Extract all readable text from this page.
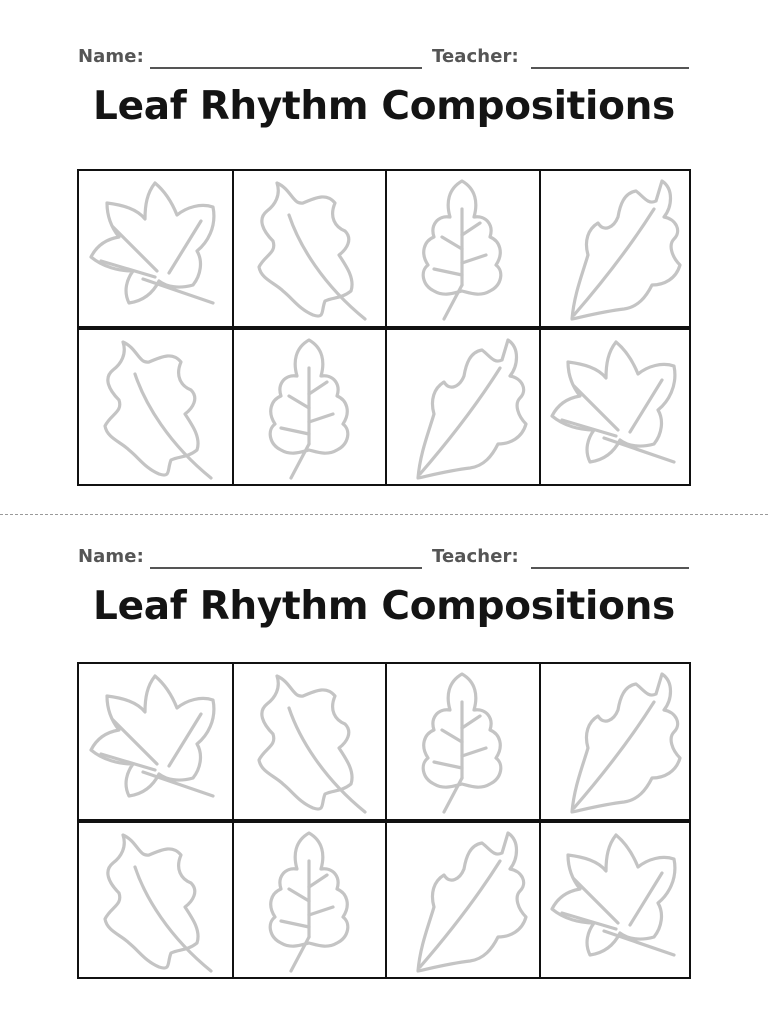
Name:	Teacher:
Leaf Rhythm Compositions
Name:	Teacher:
Leaf Rhythm Compositions
